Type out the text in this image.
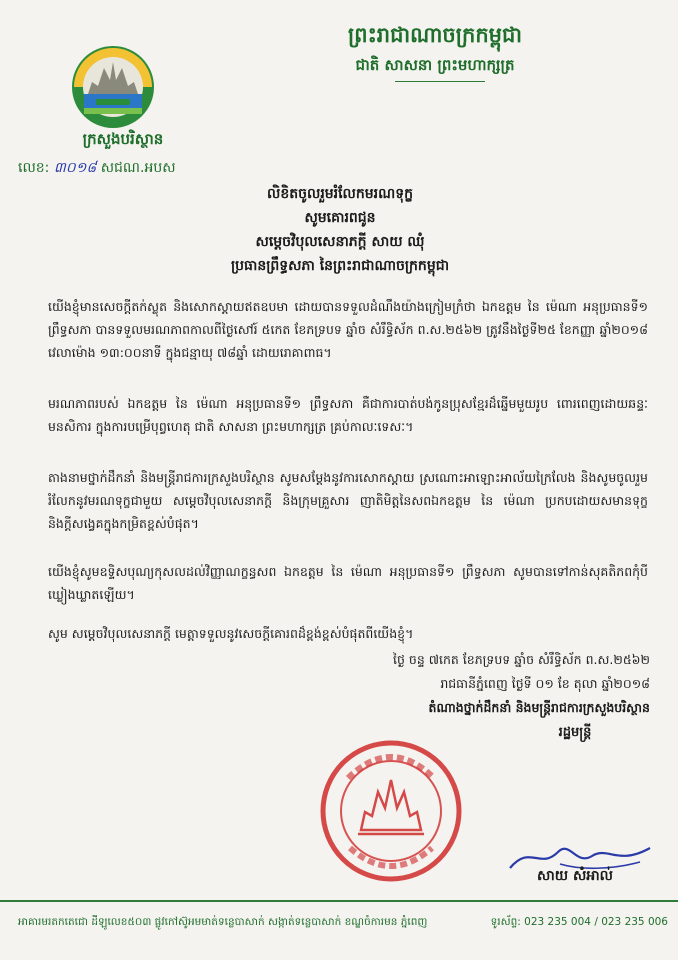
ព្រះរាជាណាចក្រកម្ពុជា
ជាតិ សាសនា ព្រះមហាក្សត្រ
ក្រសួងបរិស្ថាន
លេខ: ៣០១៨ សជណ.អបស
លិខិតចូលរួមរំលែកមរណទុក្ខ
សូមគោរពជូន
សម្តេចវិបុលសេនាភក្តី សាយ ឈុំ
ប្រធានព្រឹទ្ធសភា នៃព្រះរាជាណាចក្រកម្ពុជា
យើងខ្ញុំមានសេចក្តីតក់ស្លុត និងសោកស្តាយឥតឧបមា ដោយបានទទួលដំណឹងយ៉ាងក្រៀមក្រំថា ឯកឧត្តម នៃ ម៉េណា អនុប្រធានទី១ ព្រឹទ្ធសភា បានទទួលមរណភាពកាលពីថ្ងៃសៅរ៍ ៥កេត ខែភទ្របទ ឆ្នាំច សំរឹទ្ធិស័ក ព.ស.២៥៦២ ត្រូវនឹងថ្ងៃទី២៥ ខែកញ្ញា ឆ្នាំ២០១៨ វេលាម៉ោង ១៣:០០នាទី ក្នុងជន្មាយុ ៧៨ឆ្នាំ ដោយរោគាពាធ។
មរណភាពរបស់ ឯកឧត្តម នៃ ម៉េណា អនុប្រធានទី១ ព្រឹទ្ធសភា គឺជាការបាត់បង់កូនប្រុសខ្មែរដ៏ឆ្នើមមួយរូប ពោរពេញដោយឆន្ទៈមនសិការ ក្នុងការបម្រើបុព្វហេតុ ជាតិ សាសនា ព្រះមហាក្សត្រ គ្រប់កាលៈទេសៈ។
តាងនាមថ្នាក់ដឹកនាំ និងមន្ត្រីរាជការក្រសួងបរិស្ថាន សូមសម្តែងនូវការសោកស្តាយ ស្រណោះអាឡោះអាល័យក្រៃលែង និងសូមចូលរួមរំលែកនូវមរណទុក្ខជាមួយ សម្តេចវិបុលសេនាភក្តី និងក្រុមគ្រួសារ ញាតិមិត្តនៃសពឯកឧត្តម នៃ ម៉េណា ប្រកបដោយសមានទុក្ខ និងក្តីសង្វេគក្នុងកម្រិតខ្ពស់បំផុត។
យើងខ្ញុំសូមឧទ្ទិសបុណ្យកុសលដល់វិញ្ញាណក្ខន្ធសព ឯកឧត្តម នៃ ម៉េណា អនុប្រធានទី១ ព្រឹទ្ធសភា សូមបានទៅកាន់សុគតិភពកុំបីឃ្លៀងឃ្លាតឡើយ។
សូម សម្តេចវិបុលសេនាភក្តី មេត្តាទទួលនូវសេចក្តីគោរពដ៏ខ្ពង់ខ្ពស់បំផុតពីយើងខ្ញុំ។
ថ្ងៃ ចន្ទ ៧កេត ខែភទ្របទ ឆ្នាំច សំរឹទ្ធិស័ក ព.ស.២៥៦២
រាជធានីភ្នំពេញ ថ្ងៃទី ០១ ខែ តុលា ឆ្នាំ២០១៨
តំណាងថ្នាក់ដឹកនាំ និងមន្ត្រីរាជការក្រសួងបរិស្ថាន
រដ្ឋមន្ត្រី
សាយ សំអាល់
អាគារមរតកតេជោ ដីឡូលេខ៥០៣ ផ្លូវកៅស៊ូអមមាត់ទន្លេបាសាក់ សង្កាត់ទន្លេបាសាក់ ខណ្ឌចំការមន ភ្នំពេញ	ទូរស័ព្ទ: 023 235 004 / 023 235 006
